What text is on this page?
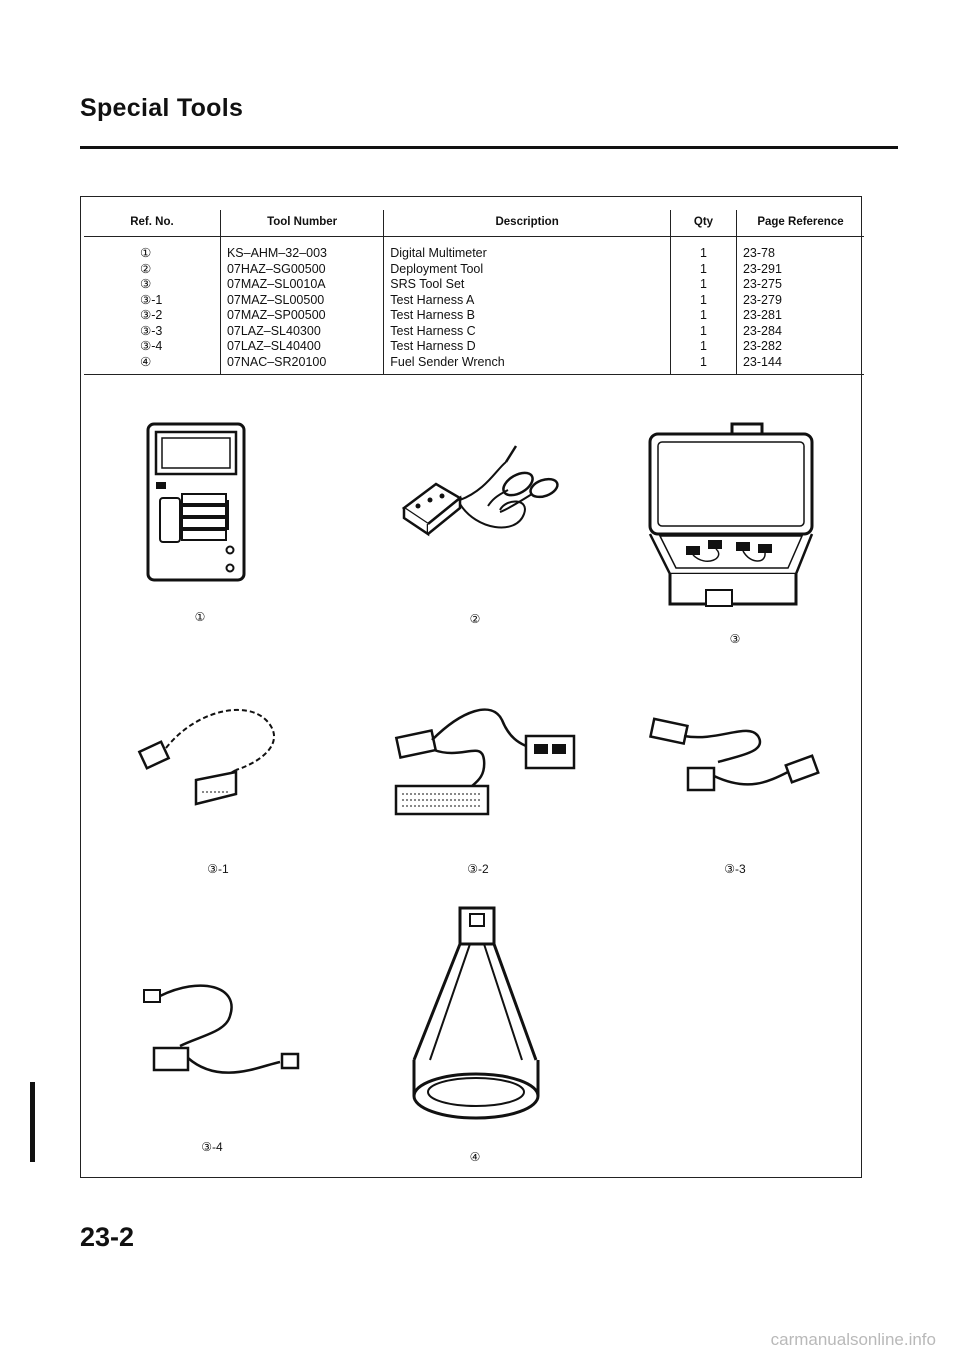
Special Tools
Ref. No.	Tool Number	Description	Qty	Page Reference
①	KS–AHM–32–003	Digital Multimeter	1	23-78
②	07HAZ–SG00500	Deployment Tool	1	23-291
③	07MAZ–SL0010A	SRS Tool Set	1	23-275
③-1	07MAZ–SL00500	Test Harness A	1	23-279
③-2	07MAZ–SP00500	Test Harness B	1	23-281
③-3	07LAZ–SL40300	Test Harness C	1	23-284
③-4	07LAZ–SL40400	Test Harness D	1	23-282
④	07NAC–SR20100	Fuel Sender Wrench	1	23-144
①	②
③
③-1	③-2	③-3
③-4
④
23-2
carmanualsonline.info
